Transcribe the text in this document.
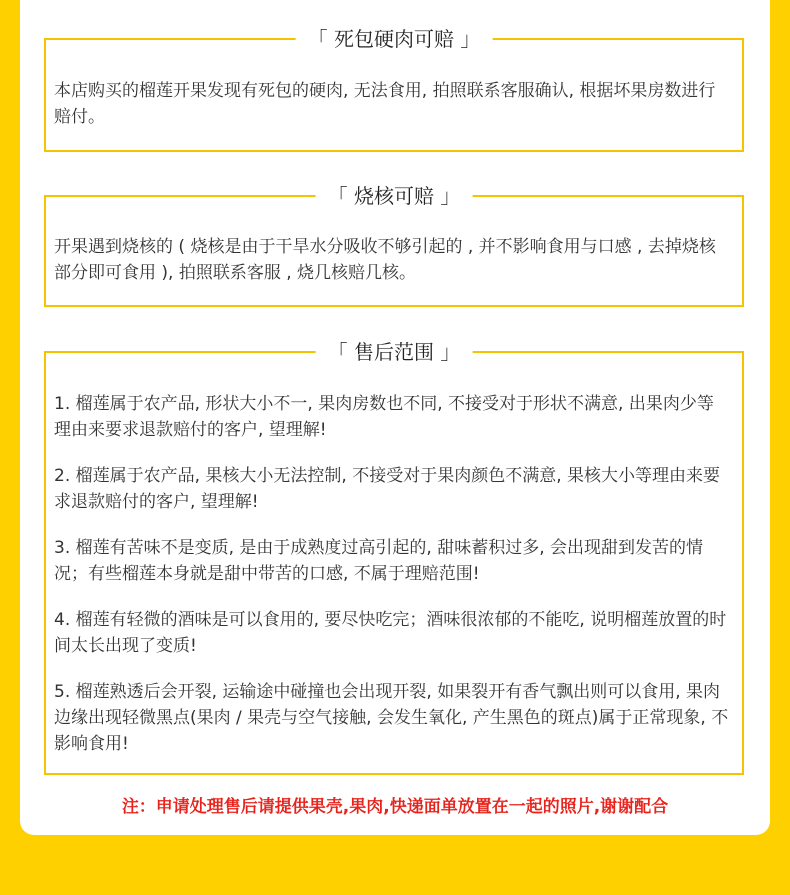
「 死包硬肉可赔 」
本店购买的榴莲开果发现有死包的硬肉, 无法食用, 拍照联系客服确认, 根据坏果房数进行赔付。
「 烧核可赔 」
开果遇到烧核的 ( 烧核是由于干旱水分吸收不够引起的 , 并不影响食用与口感 , 去掉烧核部分即可食用 ), 拍照联系客服 , 烧几核赔几核。
「 售后范围 」

1. 榴莲属于农产品, 形状大小不一, 果肉房数也不同, 不接受对于形状不满意, 出果肉少等理由来要求退款赔付的客户, 望理解!

2. 榴莲属于农产品, 果核大小无法控制, 不接受对于果肉颜色不满意, 果核大小等理由来要求退款赔付的客户, 望理解!

3. 榴莲有苦味不是变质, 是由于成熟度过高引起的, 甜味蓄积过多, 会出现甜到发苦的情况；有些榴莲本身就是甜中带苦的口感, 不属于理赔范围!

4. 榴莲有轻微的酒味是可以食用的, 要尽快吃完；酒味很浓郁的不能吃, 说明榴莲放置的时间太长出现了变质!

5. 榴莲熟透后会开裂, 运输途中碰撞也会出现开裂, 如果裂开有香气飘出则可以食用, 果肉边缘出现轻微黑点(果肉 / 果壳与空气接触, 会发生氧化, 产生黑色的斑点)属于正常现象, 不影响食用!

注：申请处理售后请提供果壳,果肉,快递面单放置在一起的照片,谢谢配合
